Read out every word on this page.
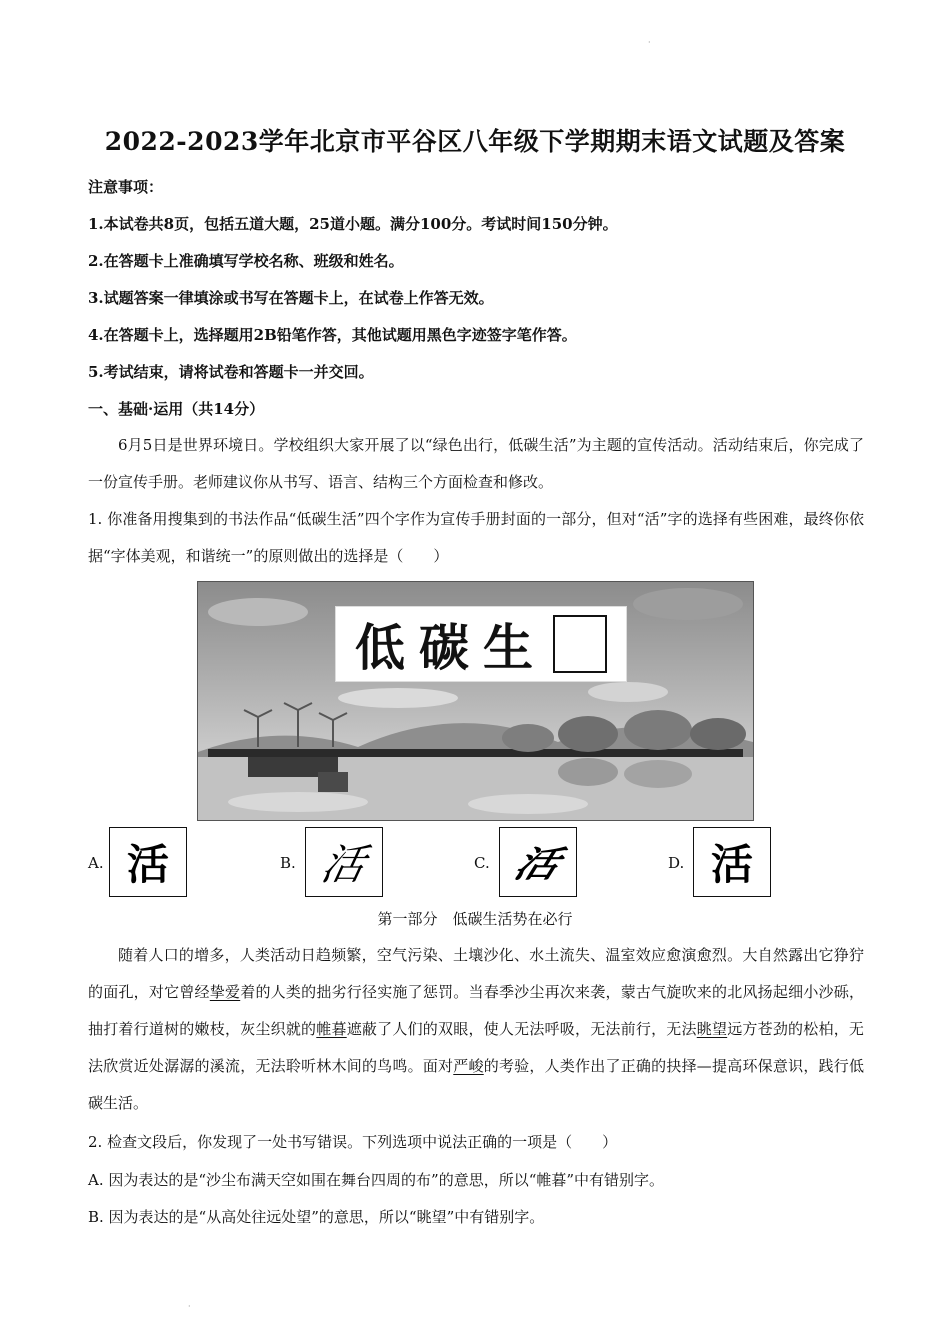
·
2022-2023学年北京市平谷区八年级下学期期末语文试题及答案
注意事项：
1.本试卷共8页，包括五道大题，25道小题。满分100分。考试时间150分钟。
2.在答题卡上准确填写学校名称、班级和姓名。
3.试题答案一律填涂或书写在答题卡上，在试卷上作答无效。
4.在答题卡上，选择题用2B铅笔作答，其他试题用黑色字迹签字笔作答。
5.考试结束，请将试卷和答题卡一并交回。
一、基础·运用（共14分）
6月5日是世界环境日。学校组织大家开展了以“绿色出行，低碳生活”为主题的宣传活动。活动结束后，你完成了一份宣传手册。老师建议你从书写、语言、结构三个方面检查和修改。
1. 你准备用搜集到的书法作品“低碳生活”四个字作为宣传手册封面的一部分，但对“活”字的选择有些困难，最终你依据“字体美观，和谐统一”的原则做出的选择是（　　）
低碳生
A. 活	B. 活	C. 活	D. 活
第一部分　低碳生活势在必行
随着人口的增多，人类活动日趋频繁，空气污染、土壤沙化、水土流失、温室效应愈演愈烈。大自然露出它狰狞的面孔，对它曾经挚爱着的人类的拙劣行径实施了惩罚。当春季沙尘再次来袭，蒙古气旋吹来的北风扬起细小沙砾，抽打着行道树的嫩枝，灰尘织就的帷暮遮蔽了人们的双眼，使人无法呼吸，无法前行，无法眺望远方苍劲的松柏，无法欣赏近处潺潺的溪流，无法聆听林木间的鸟鸣。面对严峻的考验，人类作出了正确的抉择—提高环保意识，践行低碳生活。
2. 检查文段后，你发现了一处书写错误。下列选项中说法正确的一项是（　　）
A. 因为表达的是“沙尘布满天空如围在舞台四周的布”的意思，所以“帷暮”中有错别字。
B. 因为表达的是“从高处往远处望”的意思，所以“眺望”中有错别字。
·
